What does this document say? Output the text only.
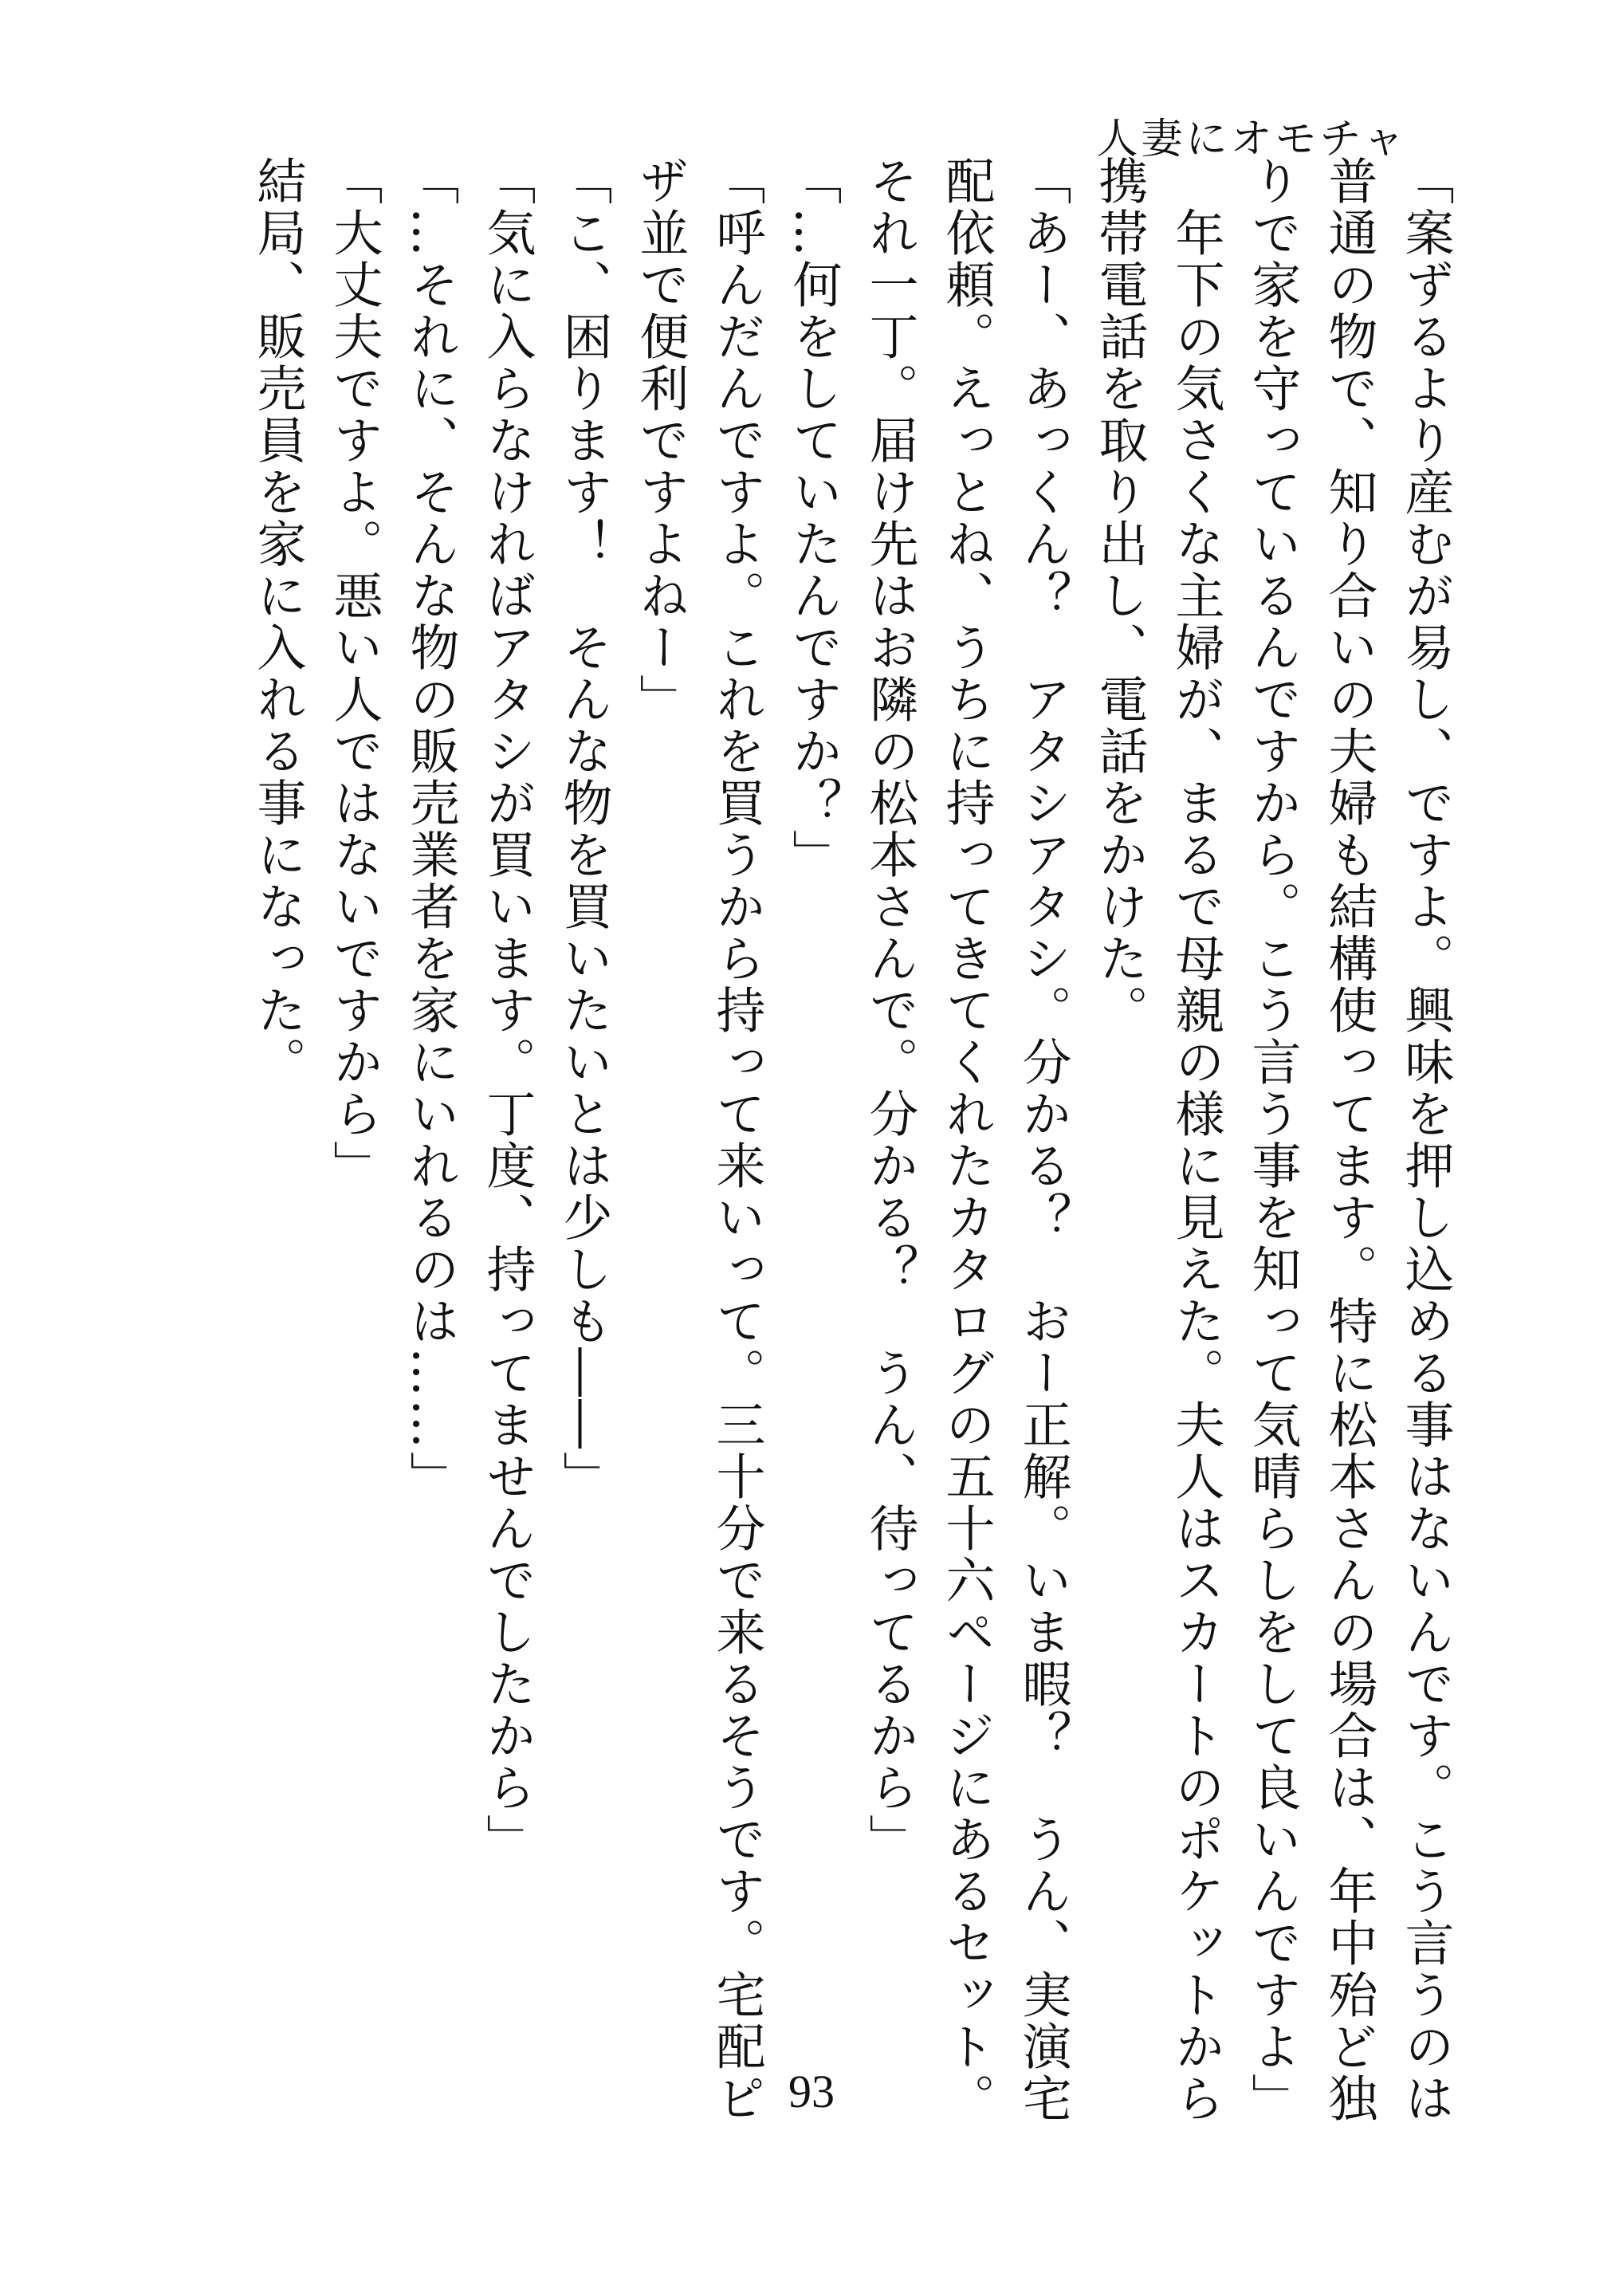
人妻にオモチャ

「案ずるより産むが易し、ですよ。興味を押し込める事はないんです。こう言うのは

普通の物で、知り合いの夫婦も結構使ってます。特に松本さんの場合は、年中殆ど独

りで家を守っているんですから。こう言う事を知って気晴らしをして良いんですよ」

　年下の気さくな主婦が、まるで母親の様に見えた。夫人はスカートのポケットから

携帯電話を取り出し、電話をかけた。

「あー、あっくん？　アタシアタシ。分かる？　おー正解。いま暇？　うん、実演宅

配依頼。えっとね、うちに持ってきてくれたカタログの五十六ページにあるセット。

それ一丁。届け先はお隣の松本さんで。分かる？　うん、待ってるから」

「…何をしていたんですか？」

「呼んだんですよ。これを買うから持って来いって。三十分で来るそうです。宅配ピ

ザ並で便利ですよねー」

「こ、困ります！　そんな物を買いたいとは少しも――」

「気に入らなければアタシが買います。丁度、持ってませんでしたから」

「…それに、そんな物の販売業者を家にいれるのは……」

「大丈夫ですよ。悪い人ではないですから」

結局、販売員を家に入れる事になった。

93
